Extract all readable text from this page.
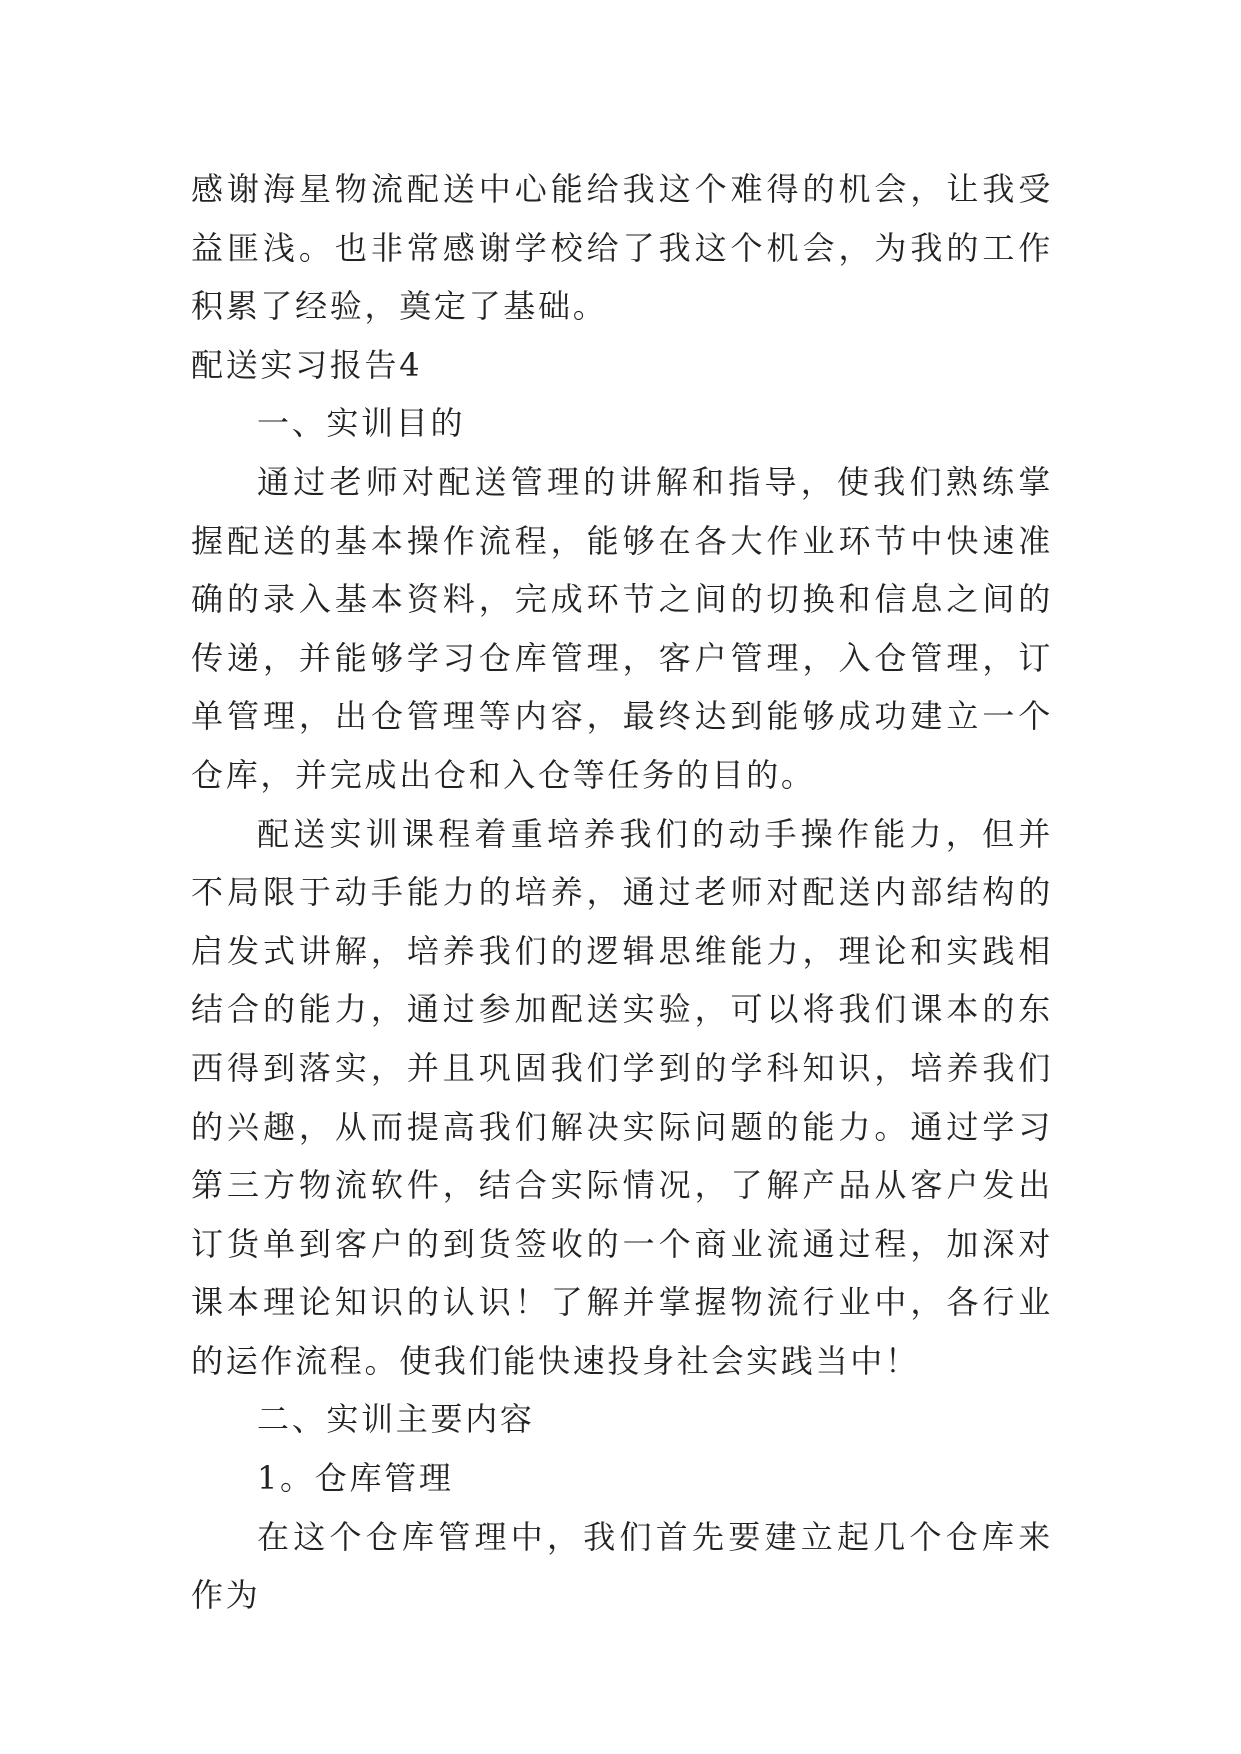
感谢海星物流配送中心能给我这个难得的机会，让我受益匪浅。也非常感谢学校给了我这个机会，为我的工作积累了经验，奠定了基础。

配送实习报告4

一、实训目的

通过老师对配送管理的讲解和指导，使我们熟练掌握配送的基本操作流程，能够在各大作业环节中快速准确的录入基本资料，完成环节之间的切换和信息之间的传递，并能够学习仓库管理，客户管理，入仓管理，订单管理，出仓管理等内容，最终达到能够成功建立一个仓库，并完成出仓和入仓等任务的目的。

配送实训课程着重培养我们的动手操作能力，但并不局限于动手能力的培养，通过老师对配送内部结构的启发式讲解，培养我们的逻辑思维能力，理论和实践相结合的能力，通过参加配送实验，可以将我们课本的东西得到落实，并且巩固我们学到的学科知识，培养我们的兴趣，从而提高我们解决实际问题的能力。通过学习第三方物流软件，结合实际情况，了解产品从客户发出订货单到客户的到货签收的一个商业流通过程，加深对课本理论知识的认识！了解并掌握物流行业中，各行业的运作流程。使我们能快速投身社会实践当中！

二、实训主要内容

1。仓库管理

在这个仓库管理中，我们首先要建立起几个仓库来作为
